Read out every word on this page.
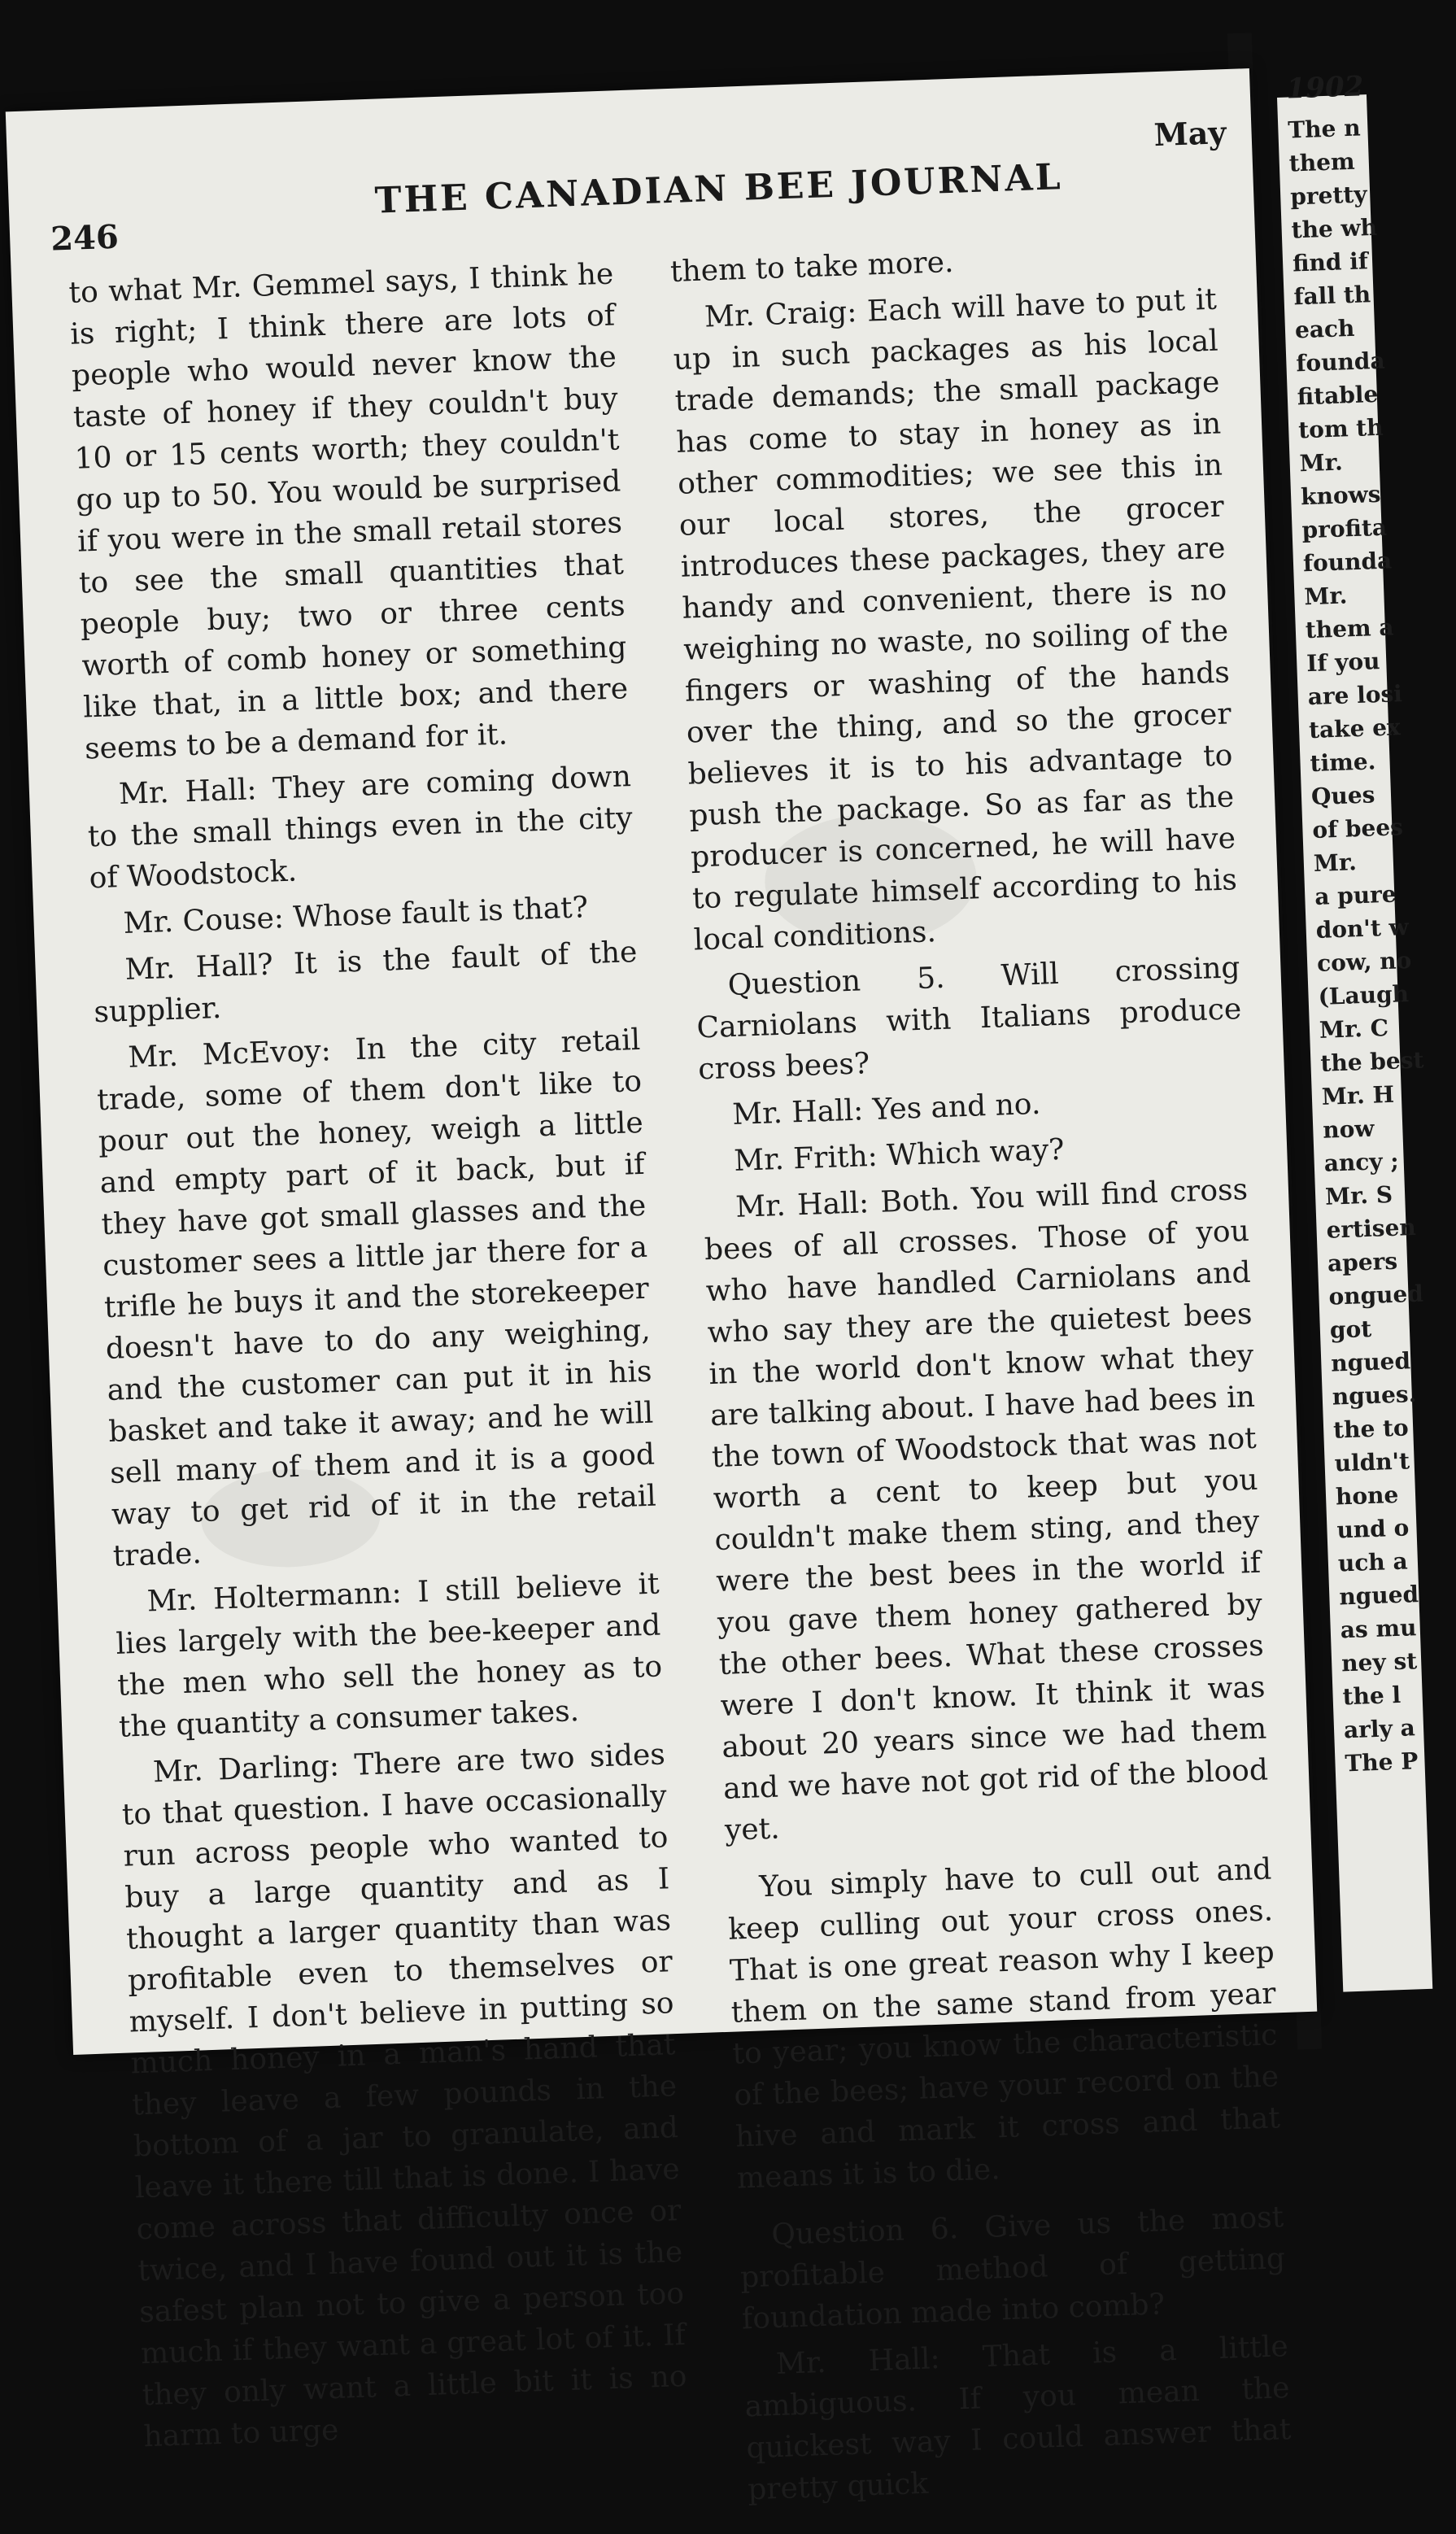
1902
The n
them
pretty
the wh
find if
fall th
each
founda
fitable
tom th
Mr.
knows
profita
founda
Mr.
them a
If you
are losi
take ex
time.
Ques
of bees
Mr.
a pure
don't w
cow, no
(Laugh
Mr. C
the best
Mr. H
now
ancy ;
Mr. S
ertisen
apers
ongued
got
ngued
ngues.
the to
uldn't
hone
und o
uch a
ngued
as mu
ney st
the l
arly a
The P
246
THE CANADIAN BEE JOURNAL
May

to what Mr. Gemmel says, I think he is right; I think there are lots of people who would never know the taste of honey if they couldn't buy 10 or 15 cents worth; they couldn't go up to 50. You would be surprised if you were in the small retail stores to see the small quantities that people buy; two or three cents worth of comb honey or something like that, in a little box; and there seems to be a demand for it.

Mr. Hall: They are coming down to the small things even in the city of Woodstock.

Mr. Couse: Whose fault is that?

Mr. Hall? It is the fault of the supplier.

Mr. McEvoy: In the city retail trade, some of them don't like to pour out the honey, weigh a little and empty part of it back, but if they have got small glasses and the customer sees a little jar there for a trifle he buys it and the storekeeper doesn't have to do any weighing, and the customer can put it in his basket and take it away; and he will sell many of them and it is a good way to get rid of it in the retail trade.

Mr. Holtermann: I still believe it lies largely with the bee-keeper and the men who sell the honey as to the quantity a consumer takes.

Mr. Darling: There are two sides to that question. I have occasionally run across people who wanted to buy a large quantity and as I thought a larger quantity than was profitable even to themselves or myself. I don't believe in putting so much honey in a man's hand that they leave a few pounds in the bottom of a jar to granulate, and leave it there till that is done. I have come across that difficulty once or twice, and I have found out it is the safest plan not to give a person too much if they want a great lot of it. If they only want a little bit it is no harm to urge

them to take more.

Mr. Craig: Each will have to put it up in such packages as his local trade demands; the small package has come to stay in honey as in other commodities; we see this in our local stores, the grocer introduces these packages, they are handy and convenient, there is no weighing no waste, no soiling of the fingers or washing of the hands over the thing, and so the grocer believes it is to his advantage to push the package. So as far as the producer is concerned, he will have to regulate himself according to his local conditions.

Question 5. Will crossing Carniolans with Italians produce cross bees?

Mr. Hall: Yes and no.

Mr. Frith: Which way?

Mr. Hall: Both. You will find cross bees of all crosses. Those of you who have handled Carniolans and who say they are the quietest bees in the world don't know what they are talking about. I have had bees in the town of Woodstock that was not worth a cent to keep but you couldn't make them sting, and they were the best bees in the world if you gave them honey gathered by the other bees. What these crosses were I don't know. It think it was about 20 years since we had them and we have not got rid of the blood yet.

You simply have to cull out and keep culling out your cross ones. That is one great reason why I keep them on the same stand from year to year; you know the characteristic of the bees; have your record on the hive and mark it cross and that means it is to die.

Question 6. Give us the most profitable method of getting foundation made into comb?

Mr. Hall: That is a little ambiguous. If you mean the quickest way I could answer that pretty quick
